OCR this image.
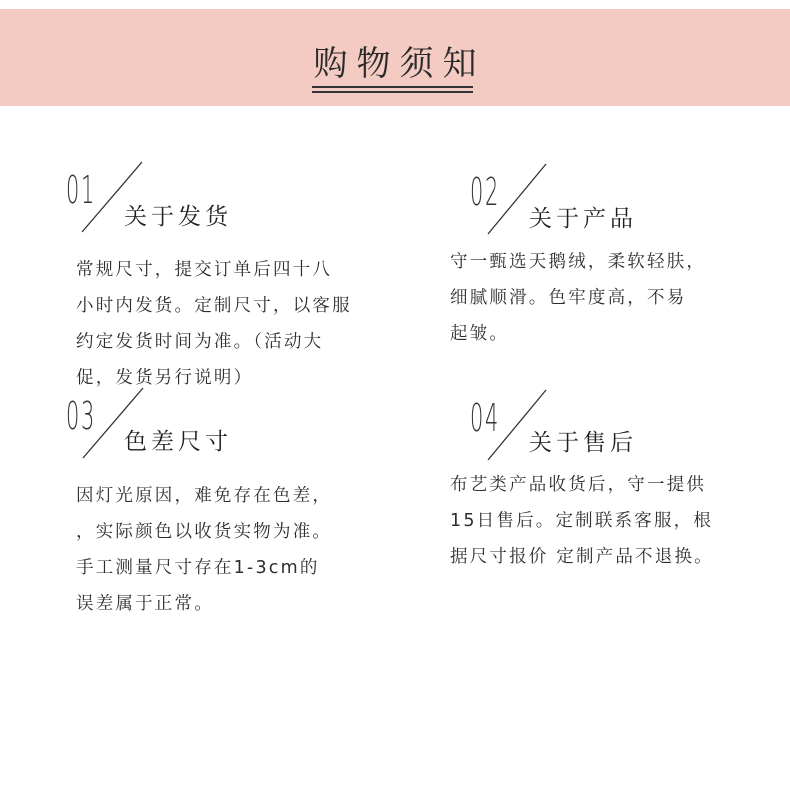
购物须知
01
关于发货
常规尺寸，提交订单后四十八
小时内发货。定制尺寸，以客服
约定发货时间为准。（活动大
促，发货另行说明）
02
关于产品
守一甄选天鹅绒，柔软轻肤，
细腻顺滑。色牢度高，不易
起皱。
03
色差尺寸
因灯光原因，难免存在色差，
，实际颜色以收货实物为准。
手工测量尺寸存在1-3cm的
误差属于正常。
04
关于售后
布艺类产品收货后，守一提供
15日售后。定制联系客服，根
据尺寸报价 定制产品不退换。
